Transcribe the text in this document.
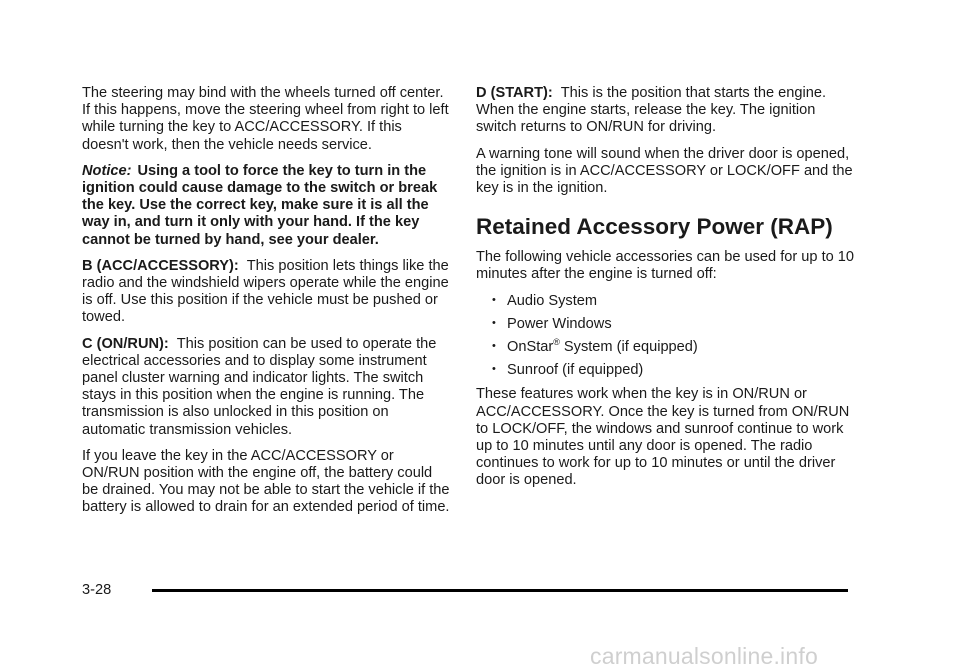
The steering may bind with the wheels turned off center. If this happens, move the steering wheel from right to left while turning the key to ACC/ACCESSORY. If this doesn't work, then the vehicle needs service.

Notice: Using a tool to force the key to turn in the ignition could cause damage to the switch or break the key. Use the correct key, make sure it is all the way in, and turn it only with your hand. If the key cannot be turned by hand, see your dealer.

B (ACC/ACCESSORY): This position lets things like the radio and the windshield wipers operate while the engine is off. Use this position if the vehicle must be pushed or towed.

C (ON/RUN): This position can be used to operate the electrical accessories and to display some instrument panel cluster warning and indicator lights. The switch stays in this position when the engine is running. The transmission is also unlocked in this position on automatic transmission vehicles.

If you leave the key in the ACC/ACCESSORY or ON/RUN position with the engine off, the battery could be drained. You may not be able to start the vehicle if the battery is allowed to drain for an extended period of time.

D (START): This is the position that starts the engine. When the engine starts, release the key. The ignition switch returns to ON/RUN for driving.

A warning tone will sound when the driver door is opened, the ignition is in ACC/ACCESSORY or LOCK/OFF and the key is in the ignition.

Retained Accessory Power (RAP)

The following vehicle accessories can be used for up to 10 minutes after the engine is turned off:

• Audio System
• Power Windows
• OnStar® System (if equipped)
• Sunroof (if equipped)

These features work when the key is in ON/RUN or ACC/ACCESSORY. Once the key is turned from ON/RUN to LOCK/OFF, the windows and sunroof continue to work up to 10 minutes until any door is opened. The radio continues to work for up to 10 minutes or until the driver door is opened.

3-28
carmanualsonline.info
